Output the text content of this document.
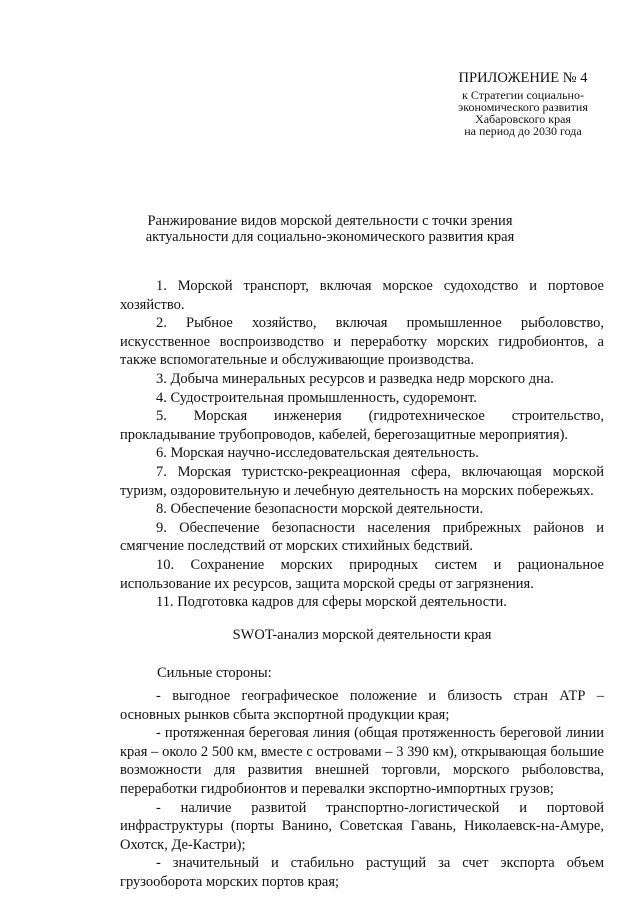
ПРИЛОЖЕНИЕ № 4
к Стратегии социально-
экономического развития
Хабаровского края
на период до 2030 года
Ранжирование видов морской деятельности с точки зрения
актуальности для социально-экономического развития края

1. Морской транспорт, включая морское судоходство и портовое хозяйство.

2. Рыбное хозяйство, включая промышленное рыболовство, искусственное воспроизводство и переработку морских гидробионтов, а также вспомогательные и обслуживающие производства.

3. Добыча минеральных ресурсов и разведка недр морского дна.

4. Судостроительная промышленность, судоремонт.

5. Морская инженерия (гидротехническое строительство, прокладывание трубопроводов, кабелей, берегозащитные мероприятия).

6. Морская научно-исследовательская деятельность.

7. Морская туристско-рекреационная сфера, включающая морской туризм, оздоровительную и лечебную деятельность на морских побережьях.

8. Обеспечение безопасности морской деятельности.

9. Обеспечение безопасности населения прибрежных районов и смягчение последствий от морских стихийных бедствий.

10. Сохранение морских природных систем и рациональное использование их ресурсов, защита морской среды от загрязнения.

11. Подготовка кадров для сферы морской деятельности.

SWOT-анализ морской деятельности края
Сильные стороны:

- выгодное географическое положение и близость стран АТР – основных рынков сбыта экспортной продукции края;

- протяженная береговая линия (общая протяженность береговой линии края – около 2 500 км, вместе с островами – 3 390 км), открывающая большие возможности для развития внешней торговли, морского рыболовства, переработки гидробионтов и перевалки экспортно-импортных грузов;

- наличие развитой транспортно-логистической и портовой инфраструктуры (порты Ванино, Советская Гавань, Николаевск-на-Амуре, Охотск, Де-Кастри);

- значительный и стабильно растущий за счет экспорта объем грузооборота морских портов края;
